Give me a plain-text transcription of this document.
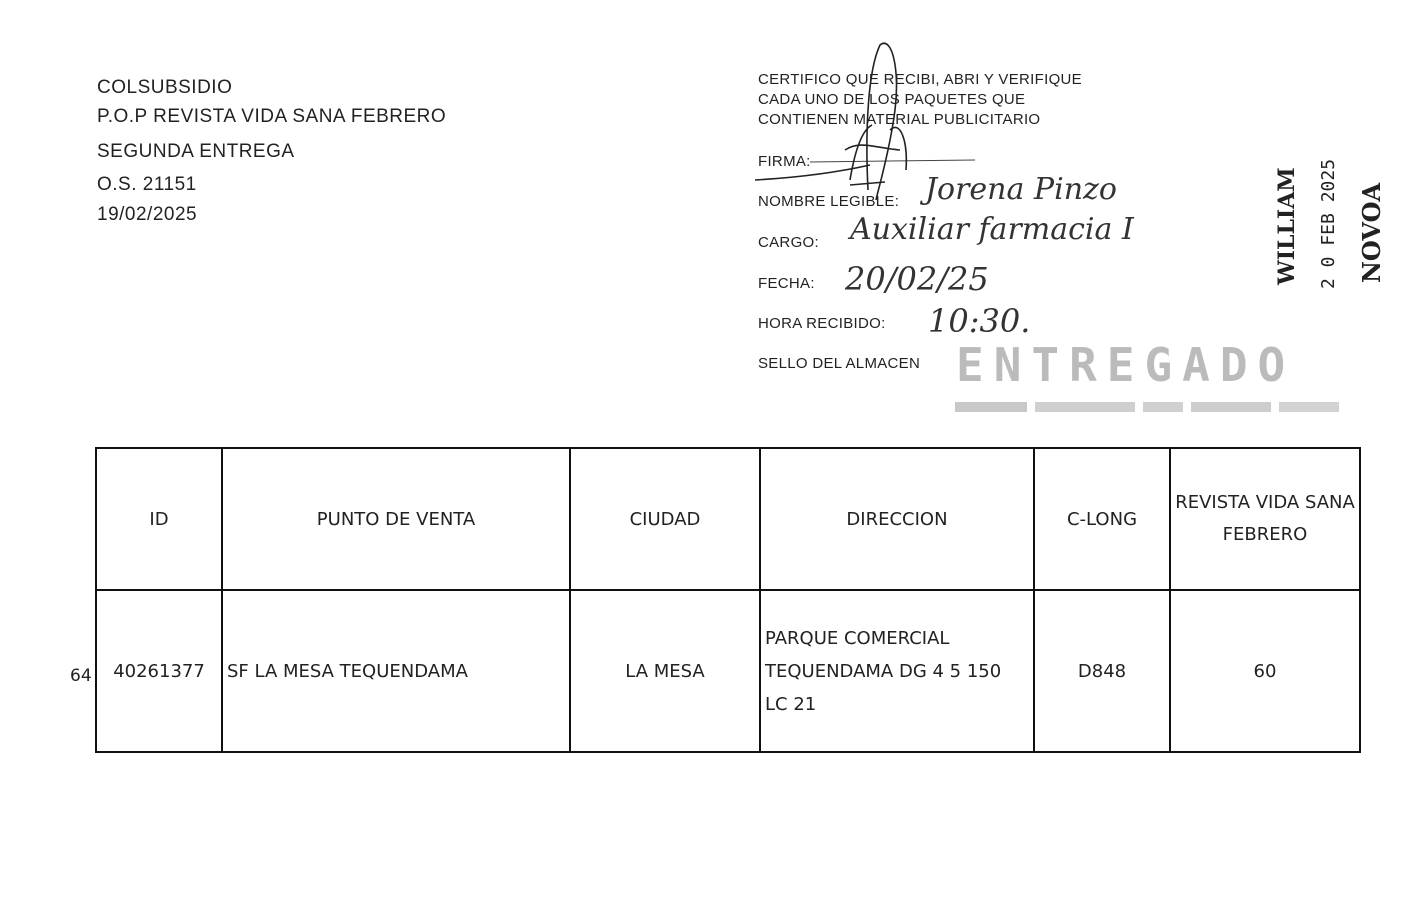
COLSUBSIDIO
P.O.P REVISTA VIDA SANA FEBRERO
SEGUNDA ENTREGA
O.S. 21151
19/02/2025
CERTIFICO QUE RECIBI, ABRI Y VERIFIQUE
CADA UNO DE LOS PAQUETES QUE
CONTIENEN MATERIAL PUBLICITARIO
FIRMA:
NOMBRE LEGIBLE: Jorena Pinzo
CARGO: Auxiliar farmacia I
FECHA: 20/02/25
HORA RECIBIDO: 10:30.
SELLO DEL ALMACEN ENTREGADO
WILLIAM 2 0 FEB 2025 NOVOA
ID	PUNTO DE VENTA	CIUDAD	DIRECCION	C-LONG	REVISTA VIDA SANA FEBRERO
40261377	SF LA MESA TEQUENDAMA	LA MESA	PARQUE COMERCIAL TEQUENDAMA DG 4 5 150 LC 21	D848	60
64
